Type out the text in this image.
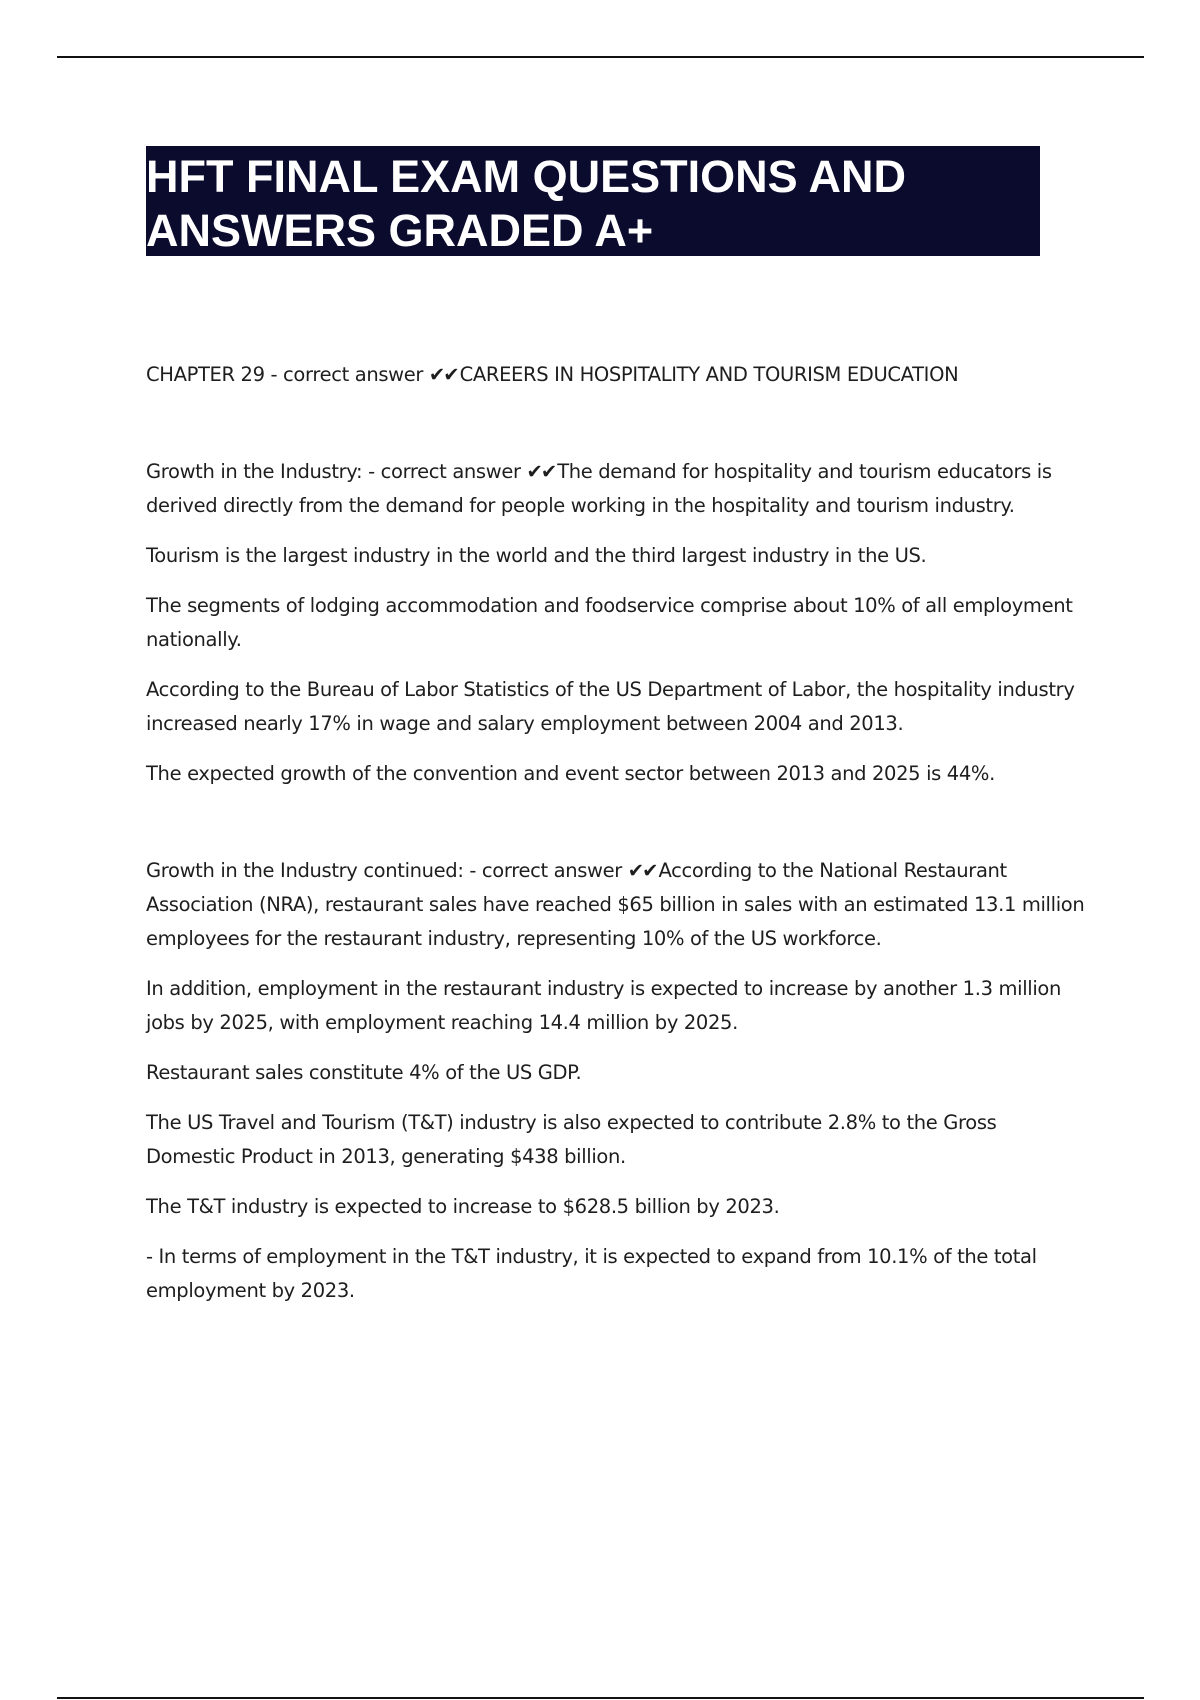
HFT FINAL EXAM QUESTIONS AND
ANSWERS GRADED A+

CHAPTER 29 - correct answer ✔✔ CAREERS IN HOSPITALITY AND TOURISM EDUCATION

Growth in the Industry: - correct answer ✔✔ The demand for hospitality and tourism educators is derived directly from the demand for people working in the hospitality and tourism industry.

Tourism is the largest industry in the world and the third largest industry in the US.

The segments of lodging accommodation and foodservice comprise about 10% of all employment nationally.

According to the Bureau of Labor Statistics of the US Department of Labor, the hospitality industry increased nearly 17% in wage and salary employment between 2004 and 2013.

The expected growth of the convention and event sector between 2013 and 2025 is 44%.

Growth in the Industry continued: - correct answer ✔✔ According to the National Restaurant Association (NRA), restaurant sales have reached $65 billion in sales with an estimated 13.1 million employees for the restaurant industry, representing 10% of the US workforce.

In addition, employment in the restaurant industry is expected to increase by another 1.3 million jobs by 2025, with employment reaching 14.4 million by 2025.

Restaurant sales constitute 4% of the US GDP.

The US Travel and Tourism (T&T) industry is also expected to contribute 2.8% to the Gross Domestic Product in 2013, generating $438 billion.

The T&T industry is expected to increase to $628.5 billion by 2023.

- In terms of employment in the T&T industry, it is expected to expand from 10.1% of the total employment by 2023.
